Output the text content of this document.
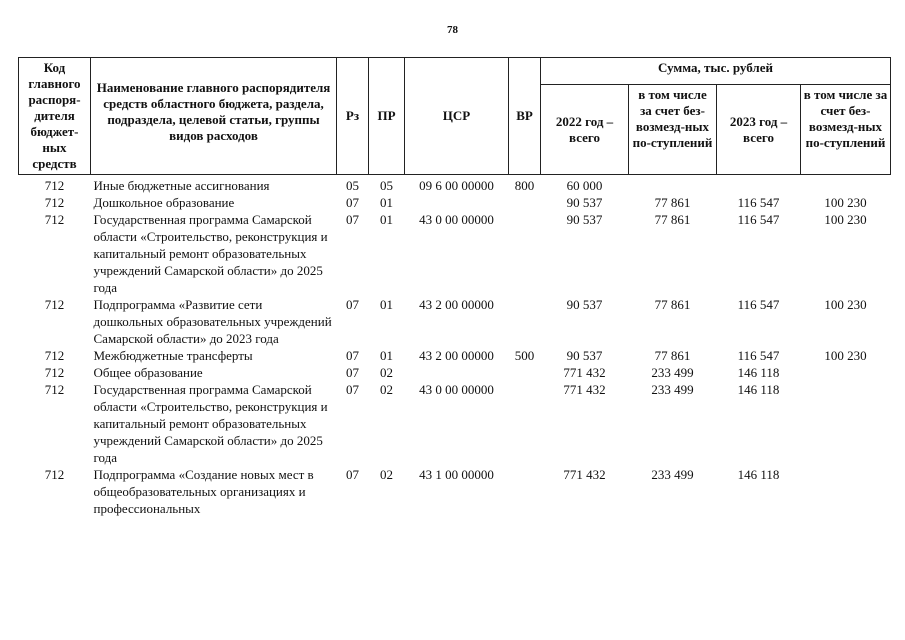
78
Код главного распоря-дителя бюджет-ных средств	Наименование главного распорядителя средств областного бюджета, раздела, подраздела, целевой статьи, группы видов расходов	Рз	ПР	ЦСР	ВР	Сумма, тыс. рублей			
						2022 год – всего	в том числе за счет без-возмезд-ных по-ступлений	2023 год – всего	в том числе за счет без-возмезд-ных по-ступлений
712	Иные бюджетные ассигнования	05	05	09 6 00 00000	800	60 000			
712	Дошкольное образование	07	01			90 537	77 861	116 547	100 230
712	Государственная программа Самарской области «Строительство, реконструкция и капитальный ремонт образовательных учреждений Самарской области» до 2025 года	07	01	43 0 00 00000		90 537	77 861	116 547	100 230
712	Подпрограмма «Развитие сети дошкольных образовательных учреждений Самарской области» до 2023 года	07	01	43 2 00 00000		90 537	77 861	116 547	100 230
712	Межбюджетные трансферты	07	01	43 2 00 00000	500	90 537	77 861	116 547	100 230
712	Общее образование	07	02			771 432	233 499	146 118	
712	Государственная программа Самарской области «Строительство, реконструкция и капитальный ремонт образовательных учреждений Самарской области» до 2025 года	07	02	43 0 00 00000		771 432	233 499	146 118	
712	Подпрограмма «Создание новых мест в общеобразовательных организациях и профессиональных	07	02	43 1 00 00000		771 432	233 499	146 118	
